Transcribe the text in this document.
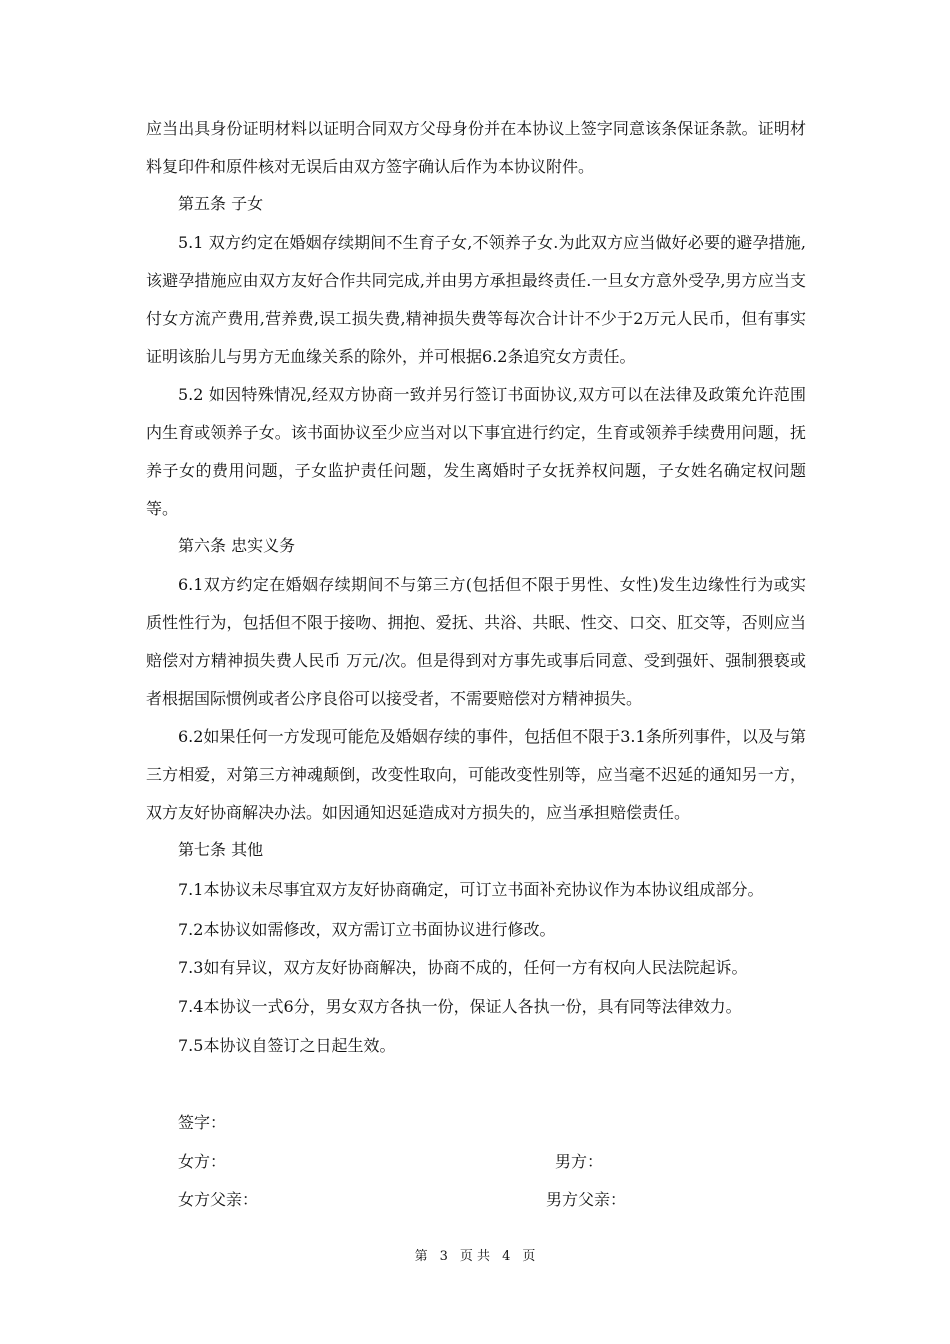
应当出具身份证明材料以证明合同双方父母身份并在本协议上签字同意该条保证条款。证明材料复印件和原件核对无误后由双方签字确认后作为本协议附件。

第五条 子女

5.1 双方约定在婚姻存续期间不生育子女,不领养子女.为此双方应当做好必要的避孕措施,该避孕措施应由双方友好合作共同完成,并由男方承担最终责任.一旦女方意外受孕,男方应当支付女方流产费用,营养费,误工损失费,精神损失费等每次合计计不少于2万元人民币，但有事实证明该胎儿与男方无血缘关系的除外，并可根据6.2条追究女方责任。

5.2 如因特殊情况,经双方协商一致并另行签订书面协议,双方可以在法律及政策允许范围内生育或领养子女。该书面协议至少应当对以下事宜进行约定，生育或领养手续费用问题，抚养子女的费用问题，子女监护责任问题，发生离婚时子女抚养权问题，子女姓名确定权问题等。

第六条 忠实义务

6.1双方约定在婚姻存续期间不与第三方(包括但不限于男性、女性)发生边缘性行为或实质性性行为，包括但不限于接吻、拥抱、爱抚、共浴、共眠、性交、口交、肛交等，否则应当赔偿对方精神损失费人民币 万元/次。但是得到对方事先或事后同意、受到强奸、强制猥亵或者根据国际惯例或者公序良俗可以接受者，不需要赔偿对方精神损失。

6.2如果任何一方发现可能危及婚姻存续的事件，包括但不限于3.1条所列事件，以及与第三方相爱，对第三方神魂颠倒，改变性取向，可能改变性别等，应当毫不迟延的通知另一方，双方友好协商解决办法。如因通知迟延造成对方损失的，应当承担赔偿责任。

第七条 其他

7.1本协议未尽事宜双方友好协商确定，可订立书面补充协议作为本协议组成部分。

7.2本协议如需修改，双方需订立书面协议进行修改。

7.3如有异议，双方友好协商解决，协商不成的，任何一方有权向人民法院起诉。

7.4本协议一式6分，男女双方各执一份，保证人各执一份，具有同等法律效力。

7.5本协议自签订之日起生效。

签字：

女方：	男方：

女方父亲：	男方父亲：

第 3 页 共 4 页
